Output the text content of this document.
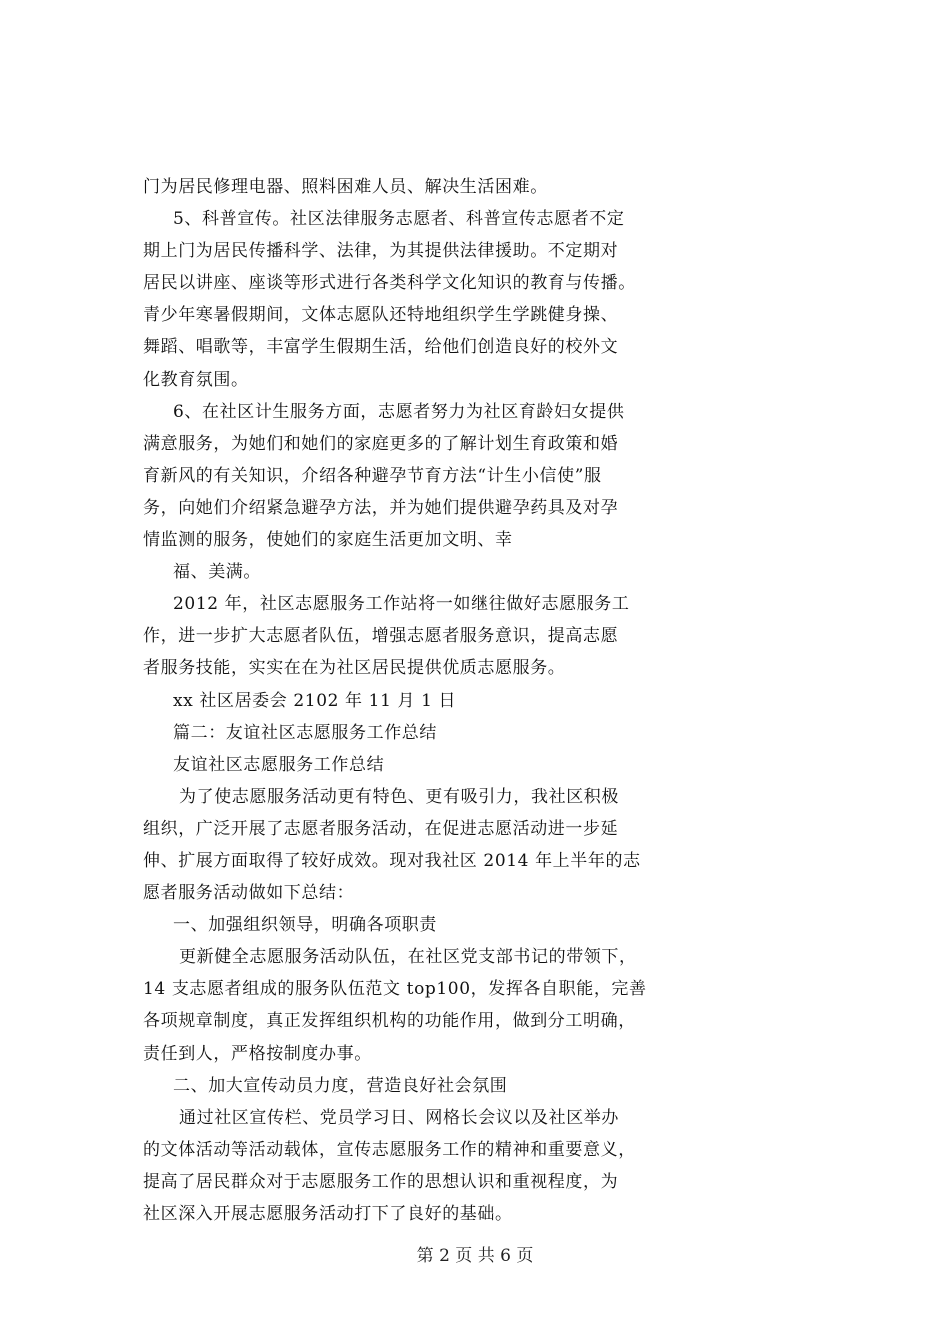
门为居民修理电器、照料困难人员、解决生活困难。
5、科普宣传。社区法律服务志愿者、科普宣传志愿者不定
期上门为居民传播科学、法律，为其提供法律援助。不定期对
居民以讲座、座谈等形式进行各类科学文化知识的教育与传播。
青少年寒暑假期间，文体志愿队还特地组织学生学跳健身操、
舞蹈、唱歌等，丰富学生假期生活，给他们创造良好的校外文
化教育氛围。
6、在社区计生服务方面，志愿者努力为社区育龄妇女提供
满意服务，为她们和她们的家庭更多的了解计划生育政策和婚
育新风的有关知识，介绍各种避孕节育方法“计生小信使”服
务，向她们介绍紧急避孕方法，并为她们提供避孕药具及对孕
情监测的服务，使她们的家庭生活更加文明、幸
福、美满。
2012 年，社区志愿服务工作站将一如继往做好志愿服务工
作，进一步扩大志愿者队伍，增强志愿者服务意识，提高志愿
者服务技能，实实在在为社区居民提供优质志愿服务。
xx 社区居委会 2102 年 11 月 1 日
篇二：友谊社区志愿服务工作总结
友谊社区志愿服务工作总结
为了使志愿服务活动更有特色、更有吸引力，我社区积极
组织，广泛开展了志愿者服务活动，在促进志愿活动进一步延
伸、扩展方面取得了较好成效。现对我社区 2014 年上半年的志
愿者服务活动做如下总结：
一、加强组织领导，明确各项职责
更新健全志愿服务活动队伍，在社区党支部书记的带领下，
14 支志愿者组成的服务队伍范文 top100，发挥各自职能，完善
各项规章制度，真正发挥组织机构的功能作用，做到分工明确，
责任到人，严格按制度办事。
二、加大宣传动员力度，营造良好社会氛围
通过社区宣传栏、党员学习日、网格长会议以及社区举办
的文体活动等活动载体，宣传志愿服务工作的精神和重要意义，
提高了居民群众对于志愿服务工作的思想认识和重视程度，为
社区深入开展志愿服务活动打下了良好的基础。
第 2 页 共 6 页
